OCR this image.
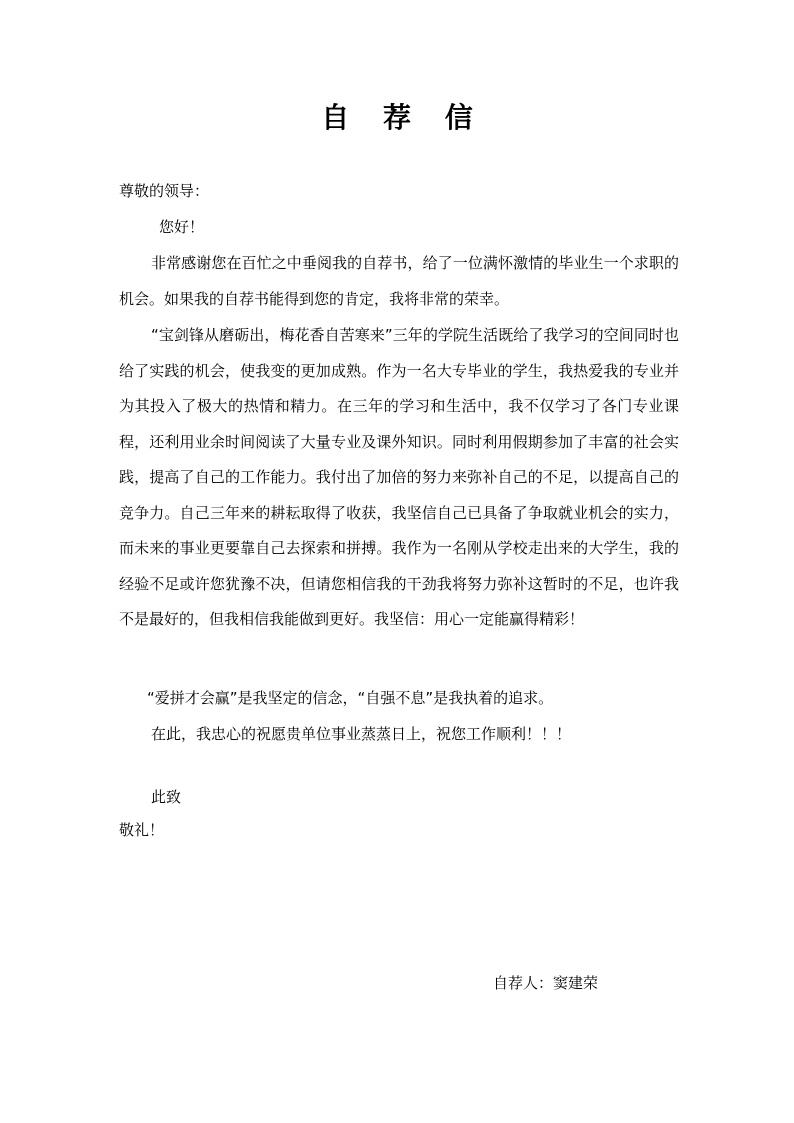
自 荐 信
尊敬的领导：
您好！
非常感谢您在百忙之中垂阅我的自荐书，给了一位满怀激情的毕业生一个求职的机会。如果我的自荐书能得到您的肯定，我将非常的荣幸。
“宝剑锋从磨砺出，梅花香自苦寒来”三年的学院生活既给了我学习的空间同时也给了实践的机会，使我变的更加成熟。作为一名大专毕业的学生，我热爱我的专业并为其投入了极大的热情和精力。在三年的学习和生活中，我不仅学习了各门专业课程，还利用业余时间阅读了大量专业及课外知识。同时利用假期参加了丰富的社会实践，提高了自己的工作能力。我付出了加倍的努力来弥补自己的不足，以提高自己的竞争力。自己三年来的耕耘取得了收获，我坚信自己已具备了争取就业机会的实力，而未来的事业更要靠自己去探索和拼搏。我作为一名刚从学校走出来的大学生，我的经验不足或许您犹豫不决，但请您相信我的干劲我将努力弥补这暂时的不足，也许我不是最好的，但我相信我能做到更好。我坚信：用心一定能赢得精彩！
“爱拼才会赢”是我坚定的信念，“自强不息”是我执着的追求。
在此，我忠心的祝愿贵单位事业蒸蒸日上，祝您工作顺利！！！
此致
敬礼！
自荐人：窦建荣
